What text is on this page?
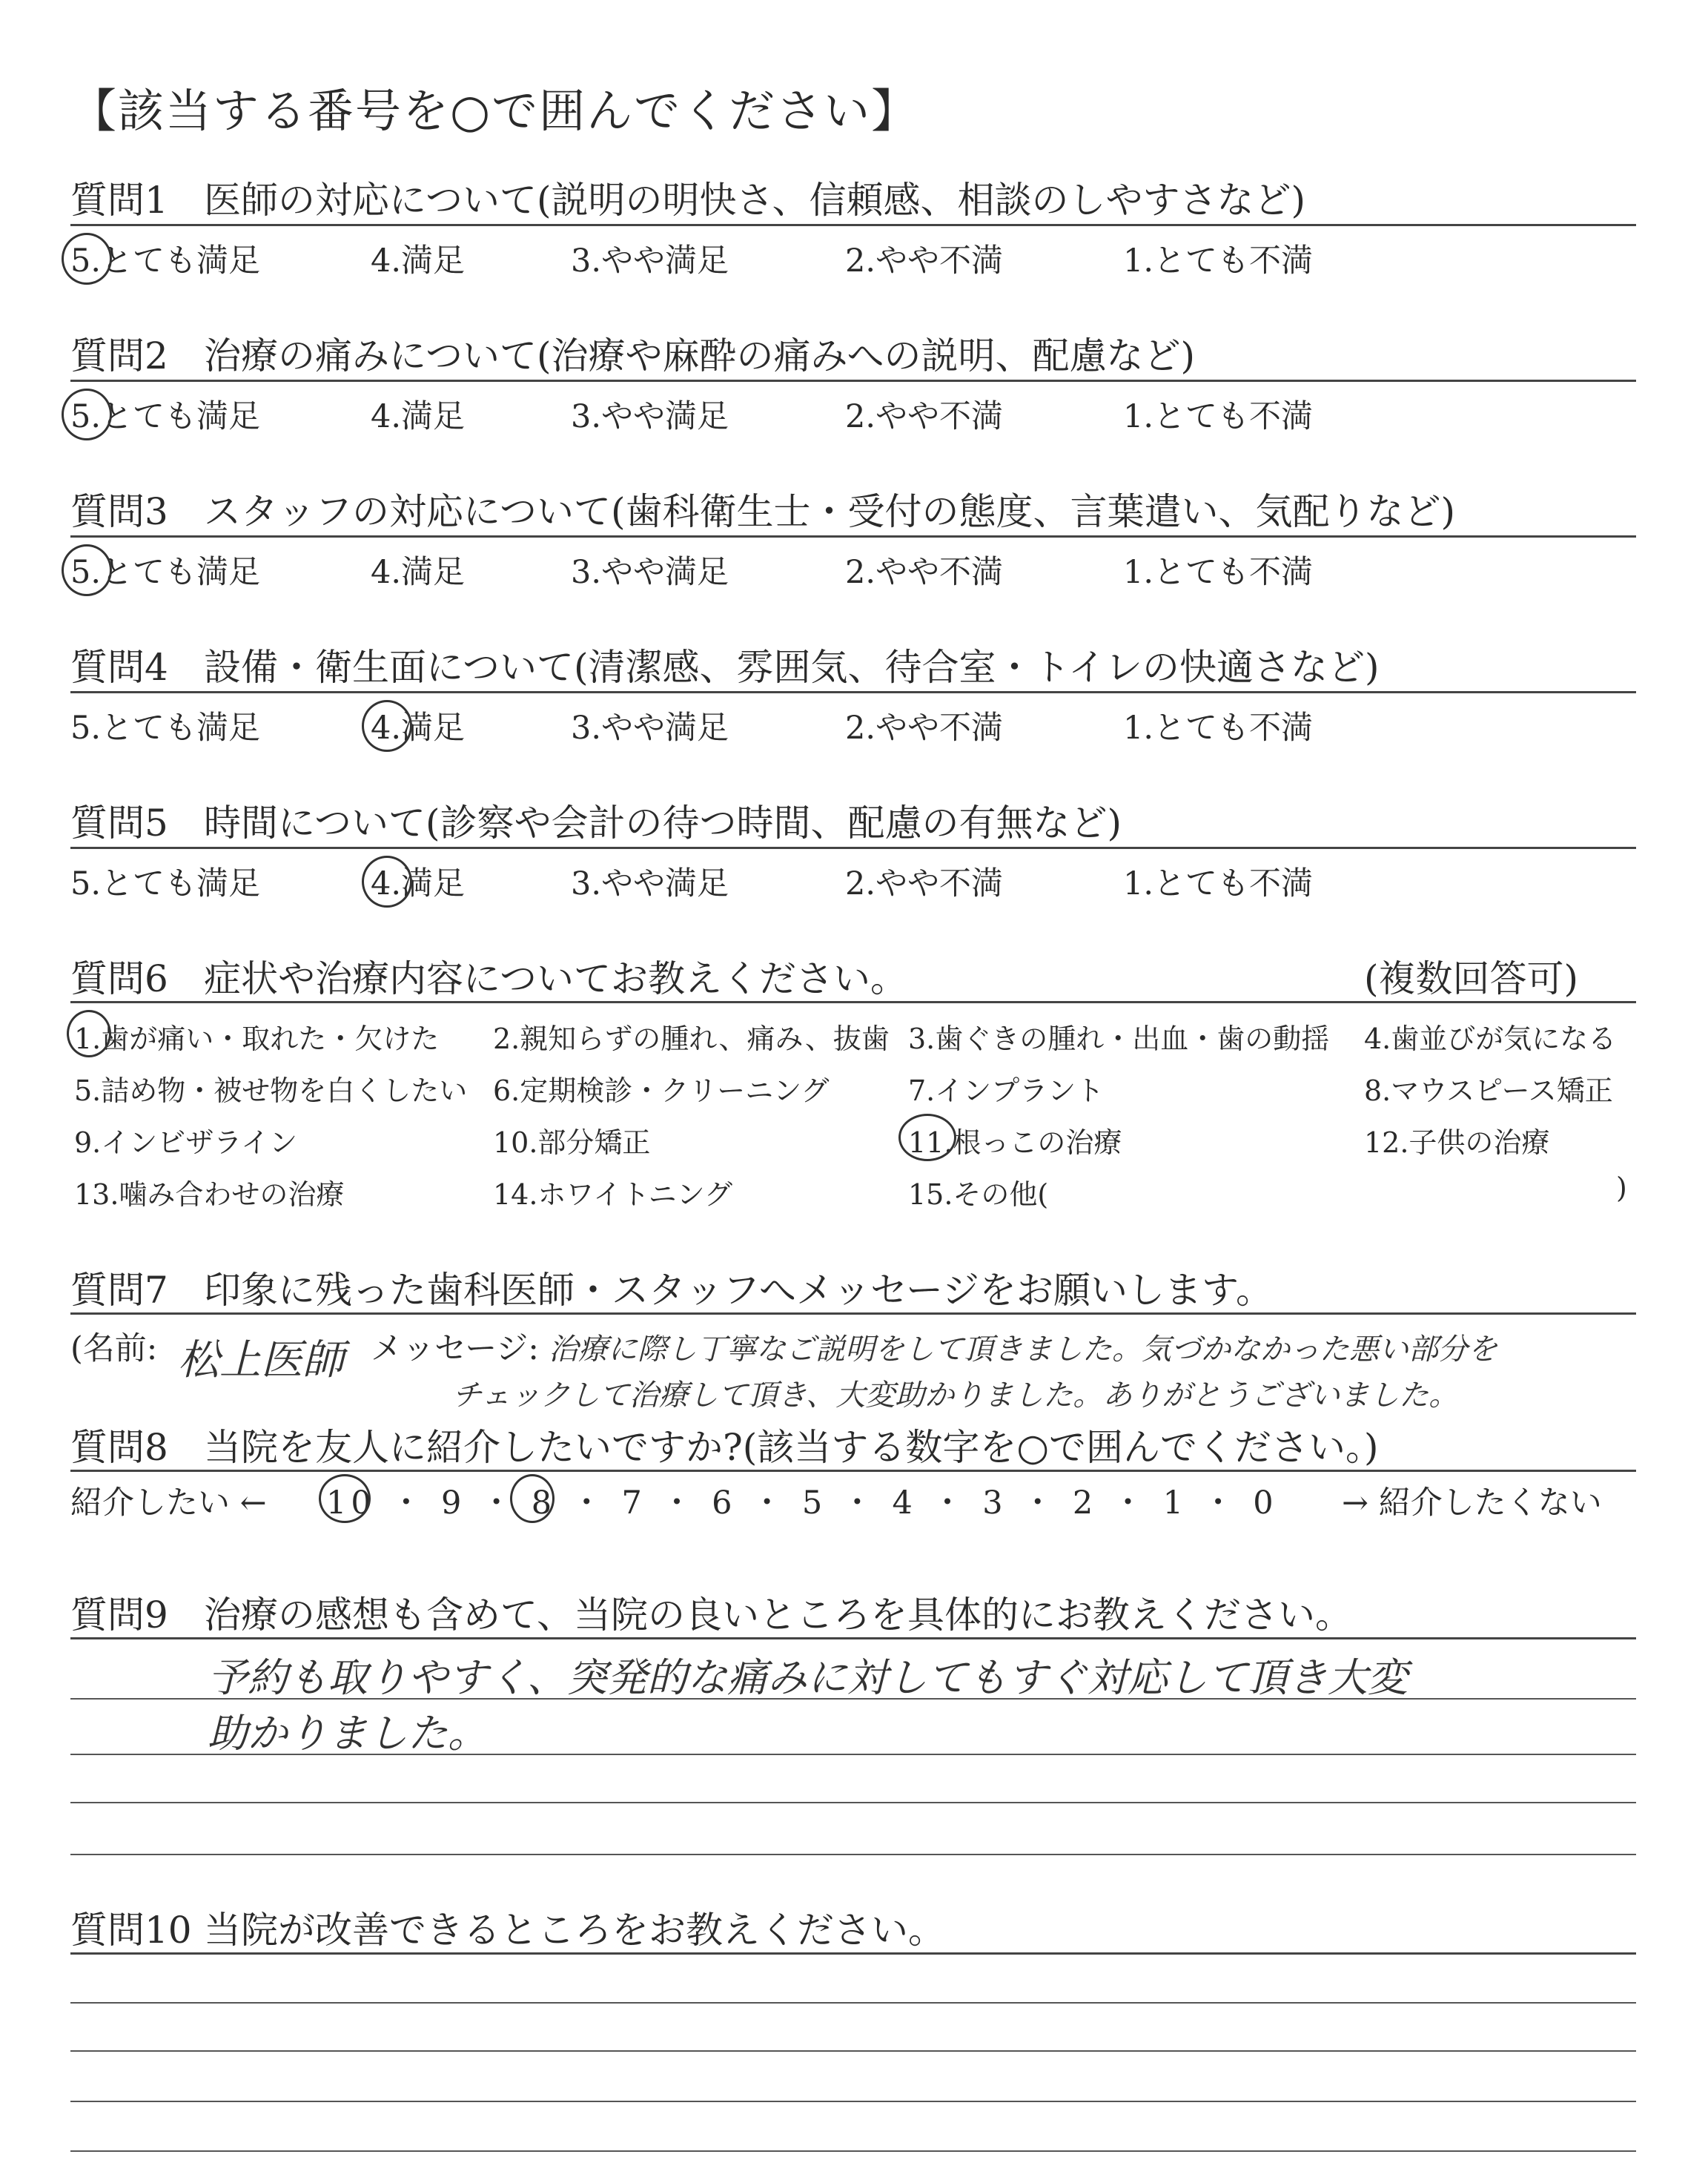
【該当する番号を○で囲んでください】
質問1 医師の対応について(説明の明快さ、信頼感、相談のしやすさなど)
5.とても満足	4.満足	3.やや満足	2.やや不満	1.とても不満
質問2 治療の痛みについて(治療や麻酔の痛みへの説明、配慮など)
5.とても満足	4.満足	3.やや満足	2.やや不満	1.とても不満
質問3 スタッフの対応について(歯科衛生士・受付の態度、言葉遣い、気配りなど)
5.とても満足	4.満足	3.やや満足	2.やや不満	1.とても不満
質問4 設備・衛生面について(清潔感、雰囲気、待合室・トイレの快適さなど)
5.とても満足	4.満足	3.やや満足	2.やや不満	1.とても不満
質問5 時間について(診察や会計の待つ時間、配慮の有無など)
5.とても満足	4.満足	3.やや満足	2.やや不満	1.とても不満
質問6 症状や治療内容についてお教えください。	(複数回答可)
1.歯が痛い・取れた・欠けた 2.親知らずの腫れ、痛み、抜歯 3.歯ぐきの腫れ・出血・歯の動揺 4.歯並びが気になる
5.詰め物・被せ物を白くしたい 6.定期検診・クリーニング	7.インプラント	8.マウスピース矯正
9.インビザライン	10.部分矯正	11.根っこの治療	12.子供の治療
13.噛み合わせの治療	14.ホワイトニング	15.その他(	)
質問7 印象に残った歯科医師・スタッフへメッセージをお願いします。
(名前: 松上医師 メッセージ: 治療に際し丁寧なご説明をして頂きました。気づかなかった悪い部分を
チェックして治療して頂き、大変助かりました。ありがとうございました。
質問8 当院を友人に紹介したいですか?(該当する数字を○で囲んでください。)
紹介したい ← 10 ・ 9 ・ 8 ・ 7 ・ 6 ・ 5 ・ 4 ・ 3 ・ 2 ・ 1 ・ 0 → 紹介したくない
質問9 治療の感想も含めて、当院の良いところを具体的にお教えください。
予約も取りやすく、突発的な痛みに対してもすぐ対応して頂き大変
助かりました。
質問10 当院が改善できるところをお教えください。
